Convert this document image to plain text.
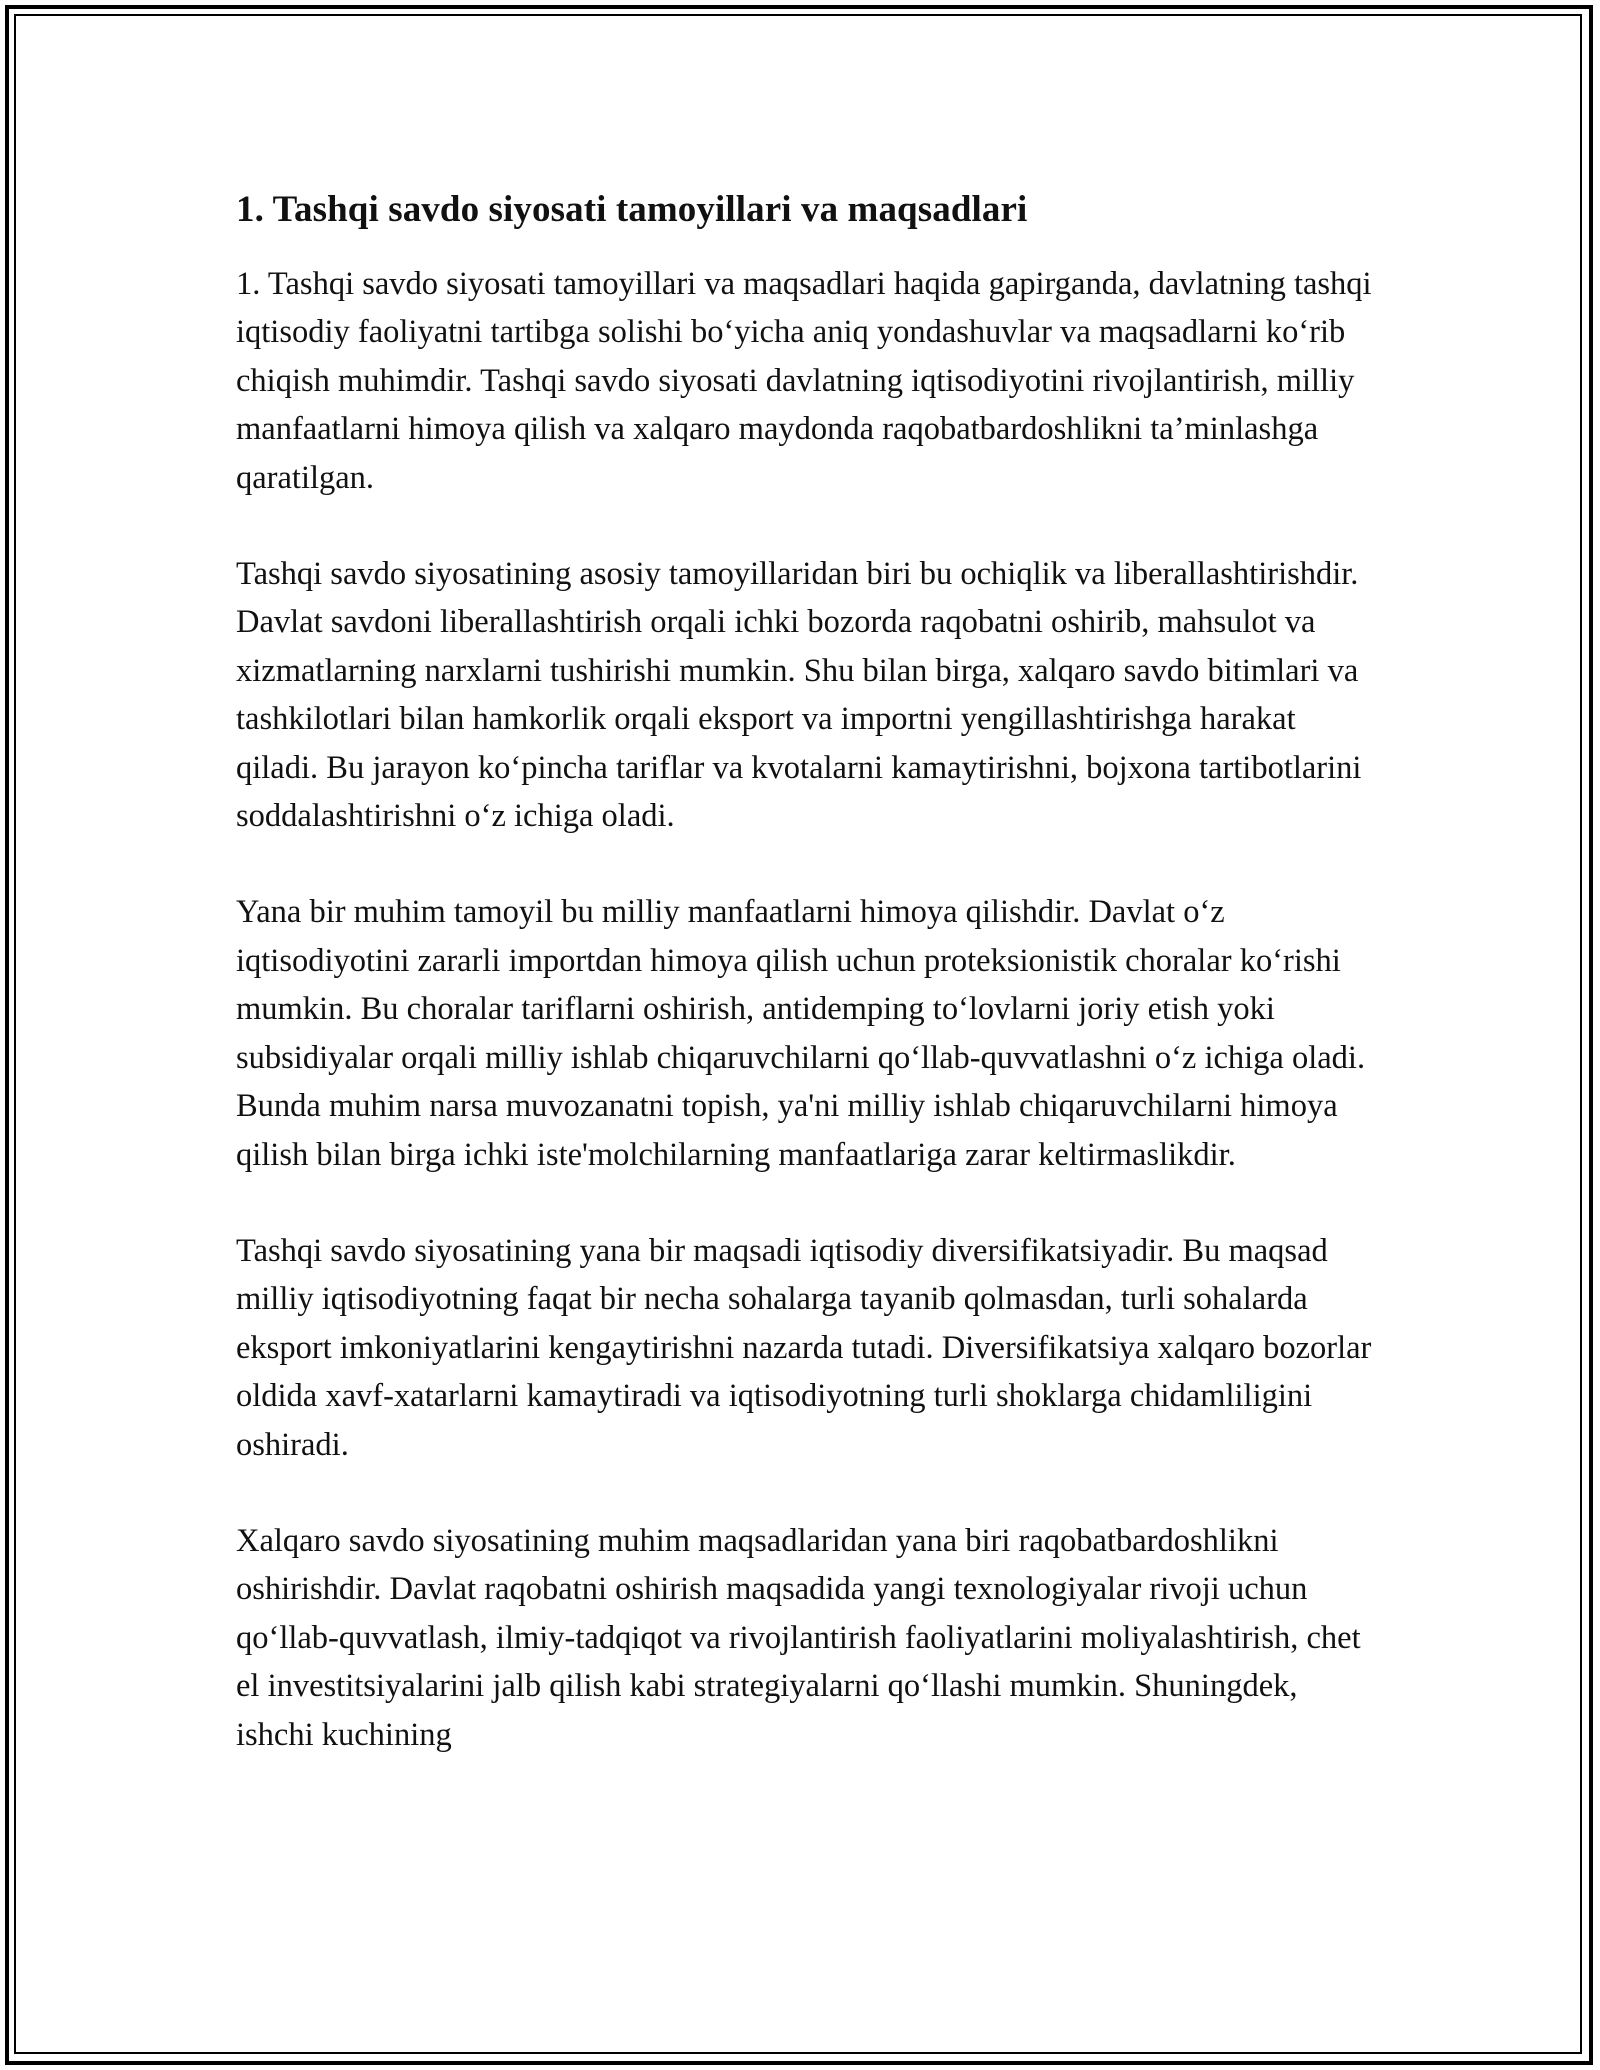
1. Tashqi savdo siyosati tamoyillari va maqsadlari

1. Tashqi savdo siyosati tamoyillari va maqsadlari haqida gapirganda, davlatning tashqi iqtisodiy faoliyatni tartibga solishi bo‘yicha aniq yondashuvlar va maqsadlarni ko‘rib chiqish muhimdir. Tashqi savdo siyosati davlatning iqtisodiyotini rivojlantirish, milliy manfaatlarni himoya qilish va xalqaro maydonda raqobatbardoshlikni ta’minlashga qaratilgan.

Tashqi savdo siyosatining asosiy tamoyillaridan biri bu ochiqlik va liberallashtirishdir. Davlat savdoni liberallashtirish orqali ichki bozorda raqobatni oshirib, mahsulot va xizmatlarning narxlarni tushirishi mumkin. Shu bilan birga, xalqaro savdo bitimlari va tashkilotlari bilan hamkorlik orqali eksport va importni yengillashtirishga harakat qiladi. Bu jarayon ko‘pincha tariflar va kvotalarni kamaytirishni, bojxona tartibotlarini soddalashtirishni o‘z ichiga oladi.

Yana bir muhim tamoyil bu milliy manfaatlarni himoya qilishdir. Davlat o‘z iqtisodiyotini zararli importdan himoya qilish uchun proteksionistik choralar ko‘rishi mumkin. Bu choralar tariflarni oshirish, antidemping to‘lovlarni joriy etish yoki subsidiyalar orqali milliy ishlab chiqaruvchilarni qo‘llab-quvvatlashni o‘z ichiga oladi. Bunda muhim narsa muvozanatni topish, ya'ni milliy ishlab chiqaruvchilarni himoya qilish bilan birga ichki iste'molchilarning manfaatlariga zarar keltirmaslikdir.

Tashqi savdo siyosatining yana bir maqsadi iqtisodiy diversifikatsiyadir. Bu maqsad milliy iqtisodiyotning faqat bir necha sohalarga tayanib qolmasdan, turli sohalarda eksport imkoniyatlarini kengaytirishni nazarda tutadi. Diversifikatsiya xalqaro bozorlar oldida xavf-xatarlarni kamaytiradi va iqtisodiyotning turli shoklarga chidamliligini oshiradi.

Xalqaro savdo siyosatining muhim maqsadlaridan yana biri raqobatbardoshlikni oshirishdir. Davlat raqobatni oshirish maqsadida yangi texnologiyalar rivoji uchun qo‘llab-quvvatlash, ilmiy-tadqiqot va rivojlantirish faoliyatlarini moliyalashtirish, chet el investitsiyalarini jalb qilish kabi strategiyalarni qo‘llashi mumkin. Shuningdek, ishchi kuchining
